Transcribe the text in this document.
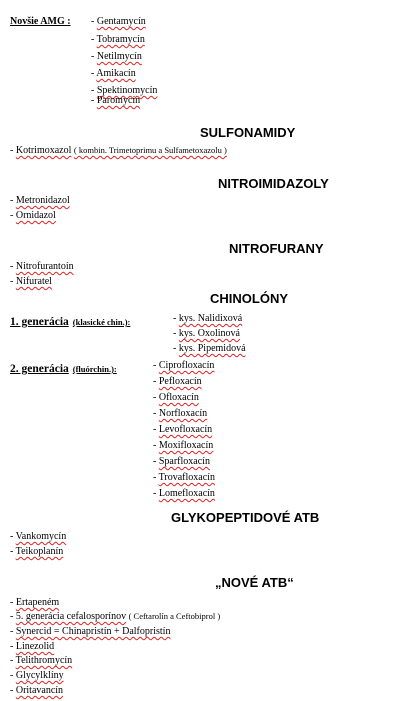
Novšie AMG : - Gentamycín
- Tobramycín
- Netilmycín
- Amikacín
- Spektinomycín
- Paromycín
SULFONAMIDY
- Kotrimoxazol ( kombin. Trimetoprimu a Sulfametoxazolu )
NITROIMIDAZOLY
- Metronidazol
- Ornidazol
NITROFURANY
- Nitrofurantoín
- Nifuratel
CHINOLÓNY
1. generácia (klasické chin.):	- kys. Nalidixová
- kys. Oxolinová
- kys. Pipemidová
2. generácia (fluórchin.):	- Ciprofloxacín
- Pefloxacín
- Ofloxacín
- Norfloxacín
- Levofloxacín
- Moxifloxacín
- Sparfloxacín
- Trovafloxacín
- Lomefloxacín
GLYKOPEPTIDOVÉ ATB
- Vankomycín
- Teikoplanín
„NOVÉ ATB“
- Ertapeném
- 5. generácia cefalosporínov ( Ceftarolín a Ceftobiprol )
- Synercid = Chinapristín + Dalfopristín
- Linezolid
- Telithromycín
- Glycylklíny
- Oritavancín
